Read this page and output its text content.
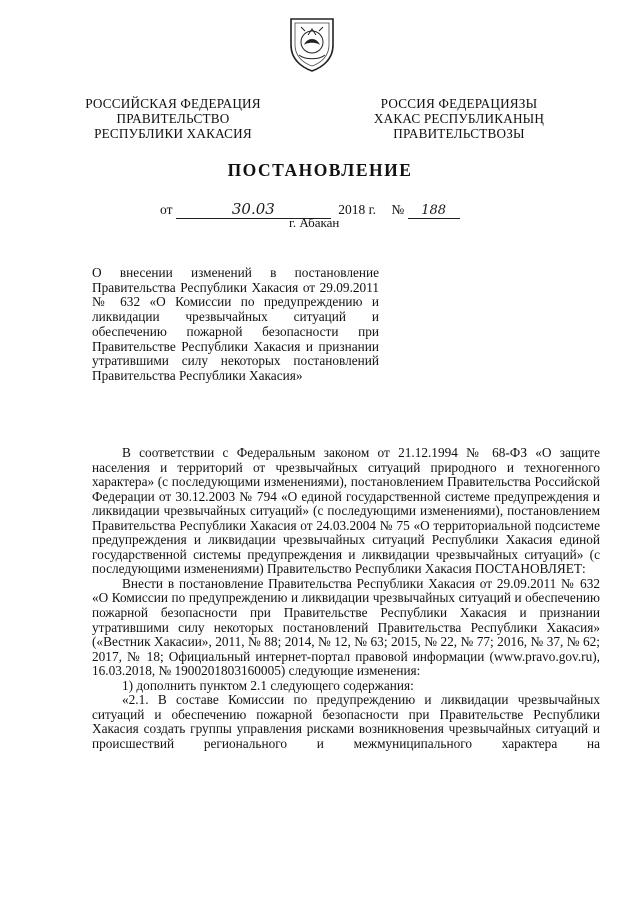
РОССИЙСКАЯ ФЕДЕРАЦИЯ
ПРАВИТЕЛЬСТВО
РЕСПУБЛИКИ ХАКАСИЯ
РОССИЯ ФЕДЕРАЦИЯЗЫ
ХАКАС РЕСПУБЛИКАНЫҢ
ПРАВИТЕЛЬСТВОЗЫ
ПОСТАНОВЛЕНИЕ
от	30.03	2018 г. № 188
г. Абакан
О внесении изменений в постановление Правительства Республики Хакасия от 29.09.2011 № 632 «О Комиссии по предупреждению и ликвидации чрезвычайных ситуаций и обеспечению пожарной безопасности при Правительстве Республики Хакасия и признании утратившими силу некоторых постановлений Правительства Республики Хакасия»

В соответствии с Федеральным законом от 21.12.1994 № 68-ФЗ «О защите населения и территорий от чрезвычайных ситуаций природного и техногенного характера» (с последующими изменениями), постановлением Правительства Российской Федерации от 30.12.2003 № 794 «О единой государственной системе предупреждения и ликвидации чрезвычайных ситуаций» (с последующими изменениями), постановлением Правительства Республики Хакасия от 24.03.2004 № 75 «О территориальной подсистеме предупреждения и ликвидации чрезвычайных ситуаций Республики Хакасия единой государственной системы предупреждения и ликвидации чрезвычайных ситуаций» (с последующими изменениями) Правительство Республики Хакасия ПОСТАНОВЛЯЕТ:

Внести в постановление Правительства Республики Хакасия от 29.09.2011 № 632 «О Комиссии по предупреждению и ликвидации чрезвычайных ситуаций и обеспечению пожарной безопасности при Правительстве Республики Хакасия и признании утратившими силу некоторых постановлений Правительства Республики Хакасия» («Вестник Хакасии», 2011, № 88; 2014, № 12, № 63; 2015, № 22, № 77; 2016, № 37, № 62; 2017, № 18; Официальный интернет-портал правовой информации (www.pravo.gov.ru), 16.03.2018, № 1900201803160005) следующие изменения:

1) дополнить пунктом 2.1 следующего содержания:

«2.1. В составе Комиссии по предупреждению и ликвидации чрезвычайных ситуаций и обеспечению пожарной безопасности при Правительстве Республики Хакасия создать группы управления рисками возникновения чрезвычайных ситуаций и происшествий регионального и межмуниципального характера на
